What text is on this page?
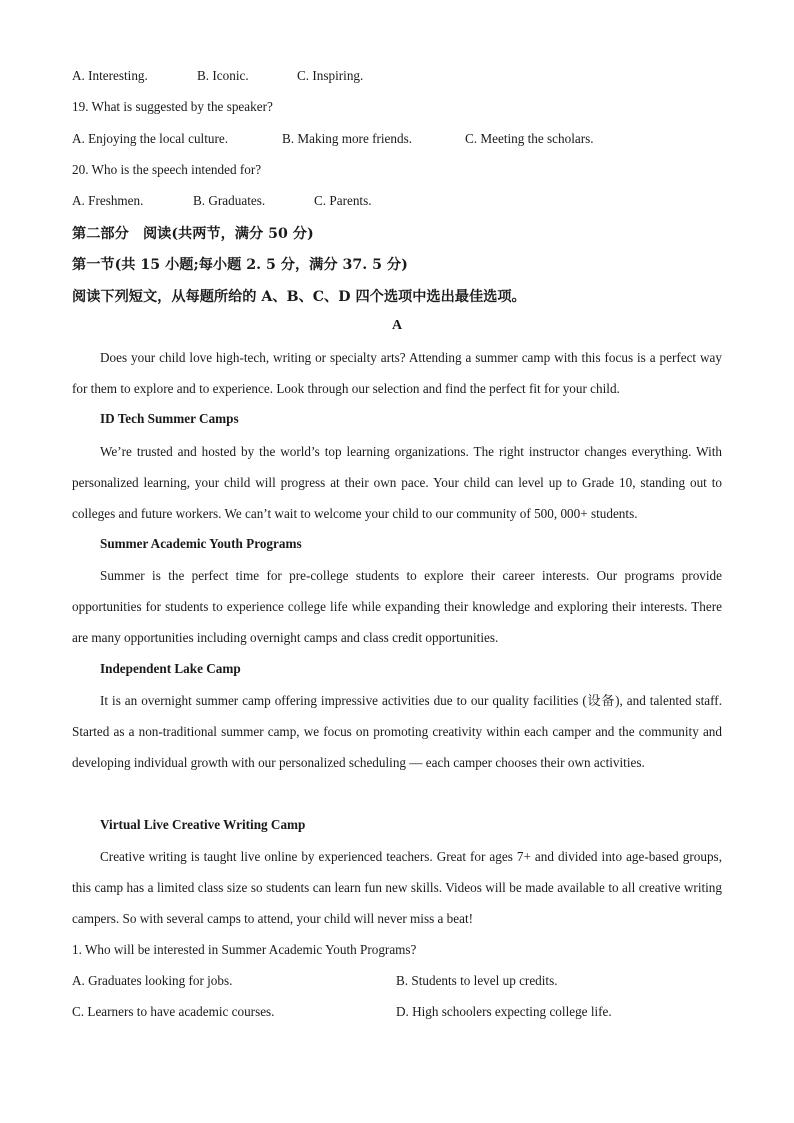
A. Interesting.	B. Iconic.	C. Inspiring.
19. What is suggested by the speaker?
A. Enjoying the local culture.	B. Making more friends.	C. Meeting the scholars.
20. Who is the speech intended for?
A. Freshmen.	B. Graduates.	C. Parents.
第二部分　阅读(共两节，满分 50 分)
第一节(共 15 小题;每小题 2. 5 分，满分 37. 5 分)
阅读下列短文，从每题所给的 A、B、C、D 四个选项中选出最佳选项。
A

Does your child love high-tech, writing or specialty arts? Attending a summer camp with this focus is a perfect way for them to explore and to experience. Look through our selection and find the perfect fit for your child.

ID Tech Summer Camps

We’re trusted and hosted by the world’s top learning organizations. The right instructor changes everything. With personalized learning, your child will progress at their own pace. Your child can level up to Grade 10, standing out to colleges and future workers. We can’t wait to welcome your child to our community of 500, 000+ students.

Summer Academic Youth Programs

Summer is the perfect time for pre-college students to explore their career interests. Our programs provide opportunities for students to experience college life while expanding their knowledge and exploring their interests. There are many opportunities including overnight camps and class credit opportunities.

Independent Lake Camp

It is an overnight summer camp offering impressive activities due to our quality facilities (设备), and talented staff. Started as a non-traditional summer camp, we focus on promoting creativity within each camper and the community and developing individual growth with our personalized scheduling — each camper chooses their own activities.

Virtual Live Creative Writing Camp

Creative writing is taught live online by experienced teachers. Great for ages 7+ and divided into age-based groups, this camp has a limited class size so students can learn fun new skills. Videos will be made available to all creative writing campers. So with several camps to attend, your child will never miss a beat!

1. Who will be interested in Summer Academic Youth Programs?
A. Graduates looking for jobs.	B. Students to level up credits.
C. Learners to have academic courses.	D. High schoolers expecting college life.
